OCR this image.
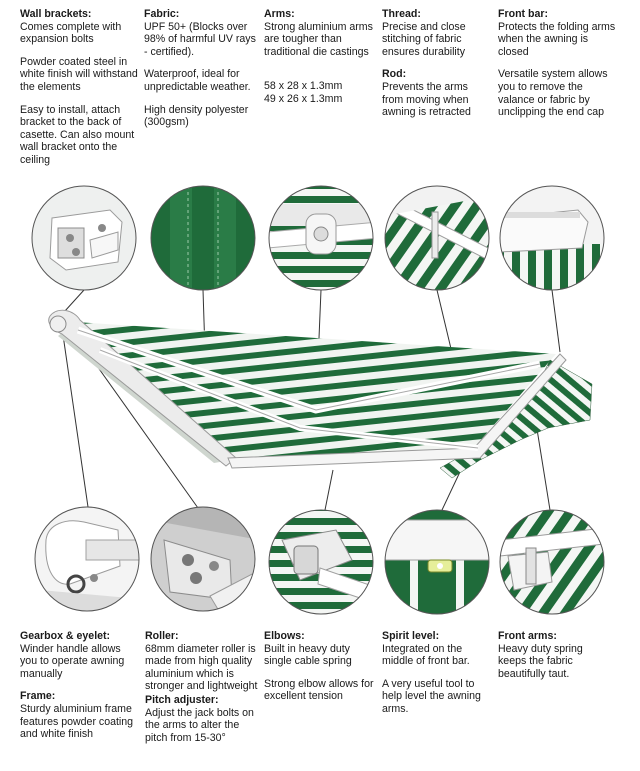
Wall brackets:

Comes complete with expansion bolts

Powder coated steel in white finish will withstand the elements

Easy to install, attach bracket to the back of casette. Can also mount wall bracket onto the ceiling

Fabric:

UPF 50+ (Blocks over 98% of harmful UV rays - certified).

Waterproof, ideal for unpredictable weather.

High density polyester (300gsm)

Arms:

Strong aluminium arms are tougher than traditional die castings

58 x 28 x 1.3mm
49 x 26 x 1.3mm
Thread:

Precise and close stitching of fabric ensures durability

Rod:

Prevents the arms from moving when awning is retracted

Front bar:

Protects the folding arms when the awning is closed

Versatile system allows you to remove the valance or fabric by unclipping the end cap

Gearbox & eyelet:

Winder handle allows you to operate awning manually

Frame:

Sturdy aluminium frame features powder coating and white finish

Roller:

68mm diameter roller is made from high quality aluminium which is stronger and lightweight

Pitch adjuster:

Adjust the jack bolts on the arms to alter the pitch from 15-30°

Elbows:

Built in heavy duty single cable spring

Strong elbow allows for excellent tension

Spirit level:

Integrated on the middle of front bar.

A very useful tool to help level the awning arms.

Front arms:

Heavy duty spring keeps the fabric beautifully taut.
